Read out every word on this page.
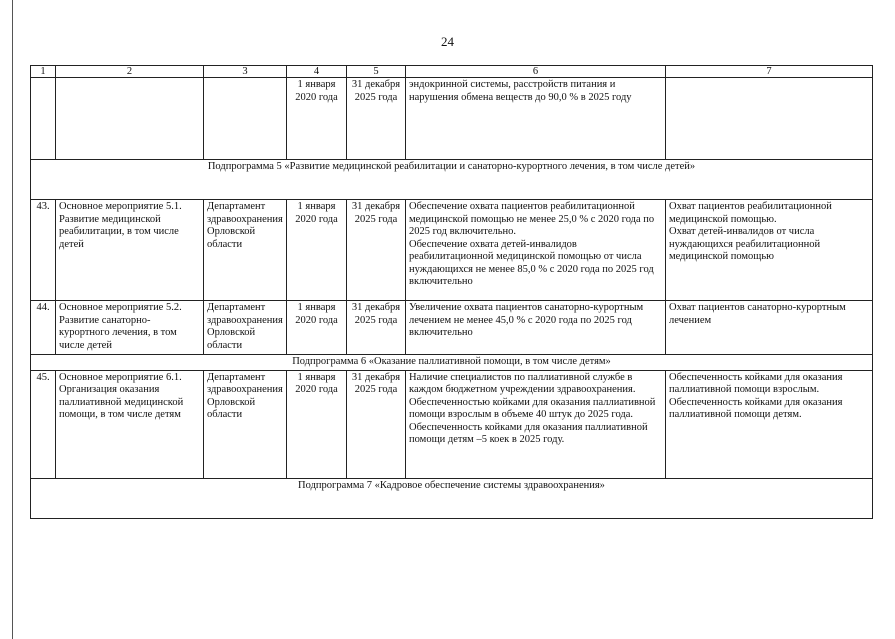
24
1	2	3	4	5	6	7
			1 января 2020 года	31 декабря 2025 года	эндокринной системы, расстройств питания и нарушения обмена веществ до 90,0 % в 2025 году	
Подпрограмма 5 «Развитие медицинской реабилитации и санаторно-курортного лечения, в том числе детей»						
43.	Основное мероприятие 5.1. Развитие медицинской реабилитации, в том числе детей	Департамент здравоохранения Орловской области	1 января 2020 года	31 декабря 2025 года	Обеспечение охвата пациентов реабилитационной медицинской помощью не менее 25,0 % с 2020 года по 2025 год включительно.
Обеспечение охвата детей-инвалидов реабилитационной медицинской помощью от числа нуждающихся не менее 85,0 % с 2020 года по 2025 год включительно	Охват пациентов реабилитационной медицинской помощью.
Охват детей-инвалидов от числа нуждающихся реабилитационной медицинской помощью

44.	Основное мероприятие 5.2. Развитие санаторно-курортного лечения, в том числе детей	Департамент здравоохранения Орловской области	1 января 2020 года	31 декабря 2025 года	Увеличение охвата пациентов санаторно-курортным лечением не менее 45,0 % с 2020 года по 2025 год включительно	Охват пациентов санаторно-курортным лечением
Подпрограмма 6 «Оказание паллиативной помощи, в том числе детям»						
45.	Основное мероприятие 6.1. Организация оказания паллиативной медицинской помощи, в том числе детям	Департамент здравоохранения Орловской области	1 января 2020 года	31 декабря 2025 года	Наличие специалистов по паллиативной службе в каждом бюджетном учреждении здравоохранения.
Обеспеченностью койками для оказания паллиативной помощи взрослым в объеме 40 штук до 2025 года.
Обеспеченность койками для оказания паллиативной помощи детям –5 коек в 2025 году.	Обеспеченность койками для оказания паллиативной помощи взрослым.
Обеспеченность койками для оказания паллиативной помощи детям.

Подпрограмма 7 «Кадровое обеспечение системы здравоохранения»						
